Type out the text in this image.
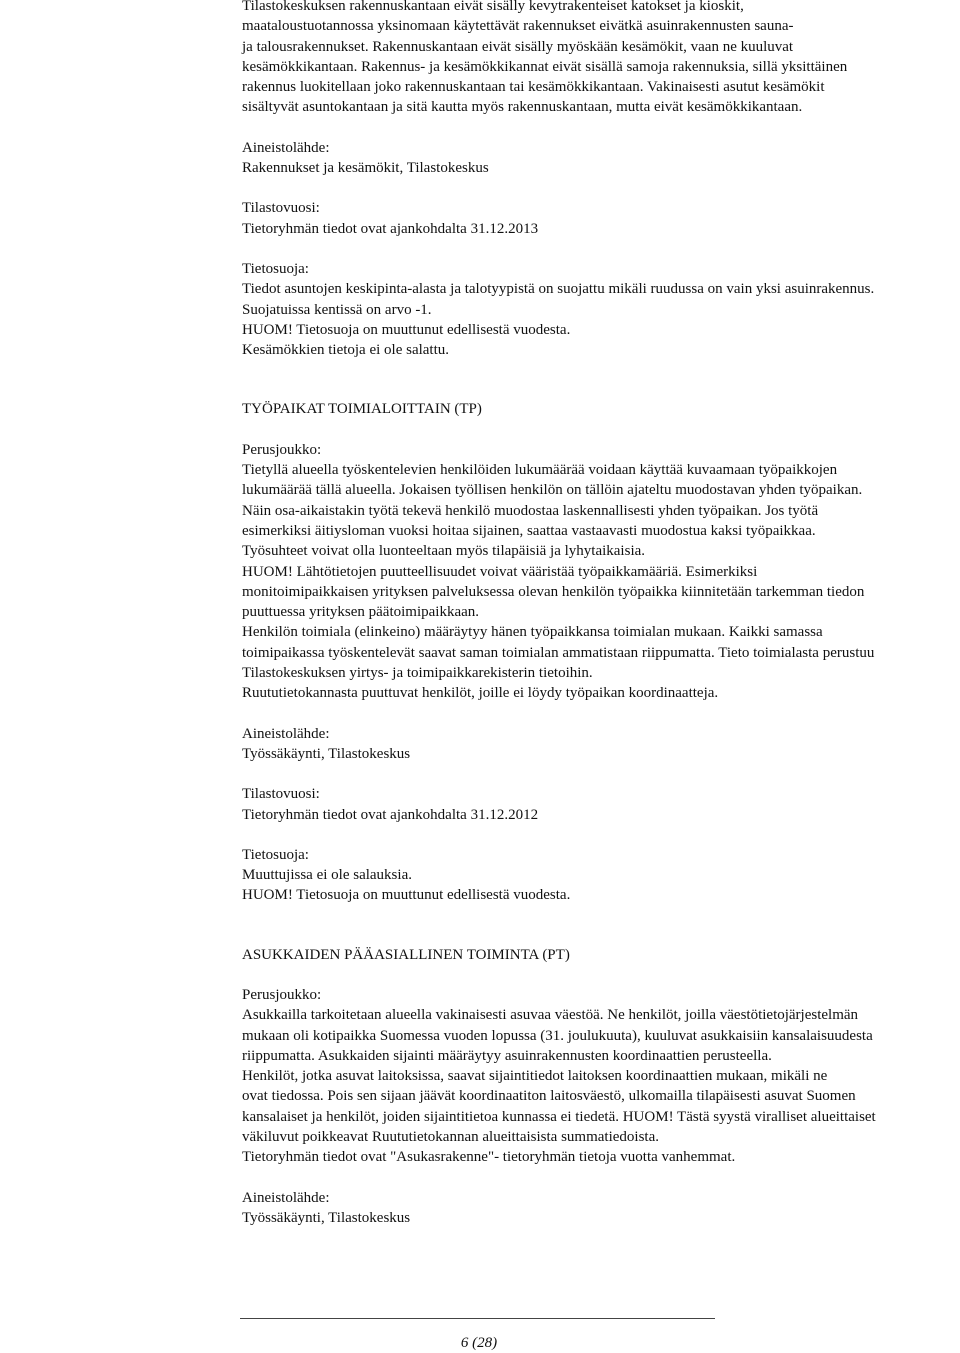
Tilastokeskuksen rakennuskantaan eivät sisälly kevytrakenteiset katokset ja kioskit,
maataloustuotannossa yksinomaan käytettävät rakennukset eivätkä asuinrakennusten sauna-
ja talousrakennukset. Rakennuskantaan eivät sisälly myöskään kesämökit, vaan ne kuuluvat
kesämökkikantaan. Rakennus- ja kesämökkikannat eivät sisällä samoja rakennuksia, sillä yksittäinen
rakennus luokitellaan joko rakennuskantaan tai kesämökkikantaan. Vakinaisesti asutut kesämökit
sisältyvät asuntokantaan ja sitä kautta myös rakennuskantaan, mutta eivät kesämökkikantaan.
Aineistolähde:
Rakennukset ja kesämökit, Tilastokeskus
Tilastovuosi:
Tietoryhmän tiedot ovat ajankohdalta 31.12.2013
Tietosuoja:
Tiedot asuntojen keskipinta-alasta ja talotyypistä on suojattu mikäli ruudussa on vain yksi asuinrakennus.
Suojatuissa kentissä on arvo -1.
HUOM! Tietosuoja on muuttunut edellisestä vuodesta.
Kesämökkien tietoja ei ole salattu.
TYÖPAIKAT TOIMIALOITTAIN (TP)
Perusjoukko:
Tietyllä alueella työskentelevien henkilöiden lukumäärää voidaan käyttää kuvaamaan työpaikkojen
lukumäärää tällä alueella. Jokaisen työllisen henkilön on tällöin ajateltu muodostavan yhden työpaikan.
Näin osa-aikaistakin työtä tekevä henkilö muodostaa laskennallisesti yhden työpaikan. Jos työtä
esimerkiksi äitiysloman vuoksi hoitaa sijainen, saattaa vastaavasti muodostua kaksi työpaikkaa.
Työsuhteet voivat olla luonteeltaan myös tilapäisiä ja lyhytaikaisia.
HUOM! Lähtötietojen puutteellisuudet voivat vääristää työpaikkamääriä. Esimerkiksi
monitoimipaikkaisen yrityksen palveluksessa olevan henkilön työpaikka kiinnitetään tarkemman tiedon
puuttuessa yrityksen päätoimipaikkaan.
Henkilön toimiala (elinkeino) määräytyy hänen työpaikkansa toimialan mukaan. Kaikki samassa
toimipaikassa työskentelevät saavat saman toimialan ammatistaan riippumatta. Tieto toimialasta perustuu
Tilastokeskuksen yirtys- ja toimipaikkarekisterin tietoihin.
Ruututietokannasta puuttuvat henkilöt, joille ei löydy työpaikan koordinaatteja.
Aineistolähde:
Työssäkäynti, Tilastokeskus
Tilastovuosi:
Tietoryhmän tiedot ovat ajankohdalta 31.12.2012
Tietosuoja:
Muuttujissa ei ole salauksia.
HUOM! Tietosuoja on muuttunut edellisestä vuodesta.
ASUKKAIDEN PÄÄASIALLINEN TOIMINTA (PT)
Perusjoukko:
Asukkailla tarkoitetaan alueella vakinaisesti asuvaa väestöä. Ne henkilöt, joilla väestötietojärjestelmän
mukaan oli kotipaikka Suomessa vuoden lopussa (31. joulukuuta), kuuluvat asukkaisiin kansalaisuudesta
riippumatta. Asukkaiden sijainti määräytyy asuinrakennusten koordinaattien perusteella.
Henkilöt, jotka asuvat laitoksissa, saavat sijaintitiedot laitoksen koordinaattien mukaan, mikäli ne
ovat tiedossa. Pois sen sijaan jäävät koordinaatiton laitosväestö, ulkomailla tilapäisesti asuvat Suomen
kansalaiset ja henkilöt, joiden sijaintitietoa kunnassa ei tiedetä. HUOM! Tästä syystä viralliset alueittaiset
väkiluvut poikkeavat Ruututietokannan alueittaisista summatiedoista.
Tietoryhmän tiedot ovat "Asukasrakenne"- tietoryhmän tietoja vuotta vanhemmat.
Aineistolähde:
Työssäkäynti, Tilastokeskus
6 (28)
